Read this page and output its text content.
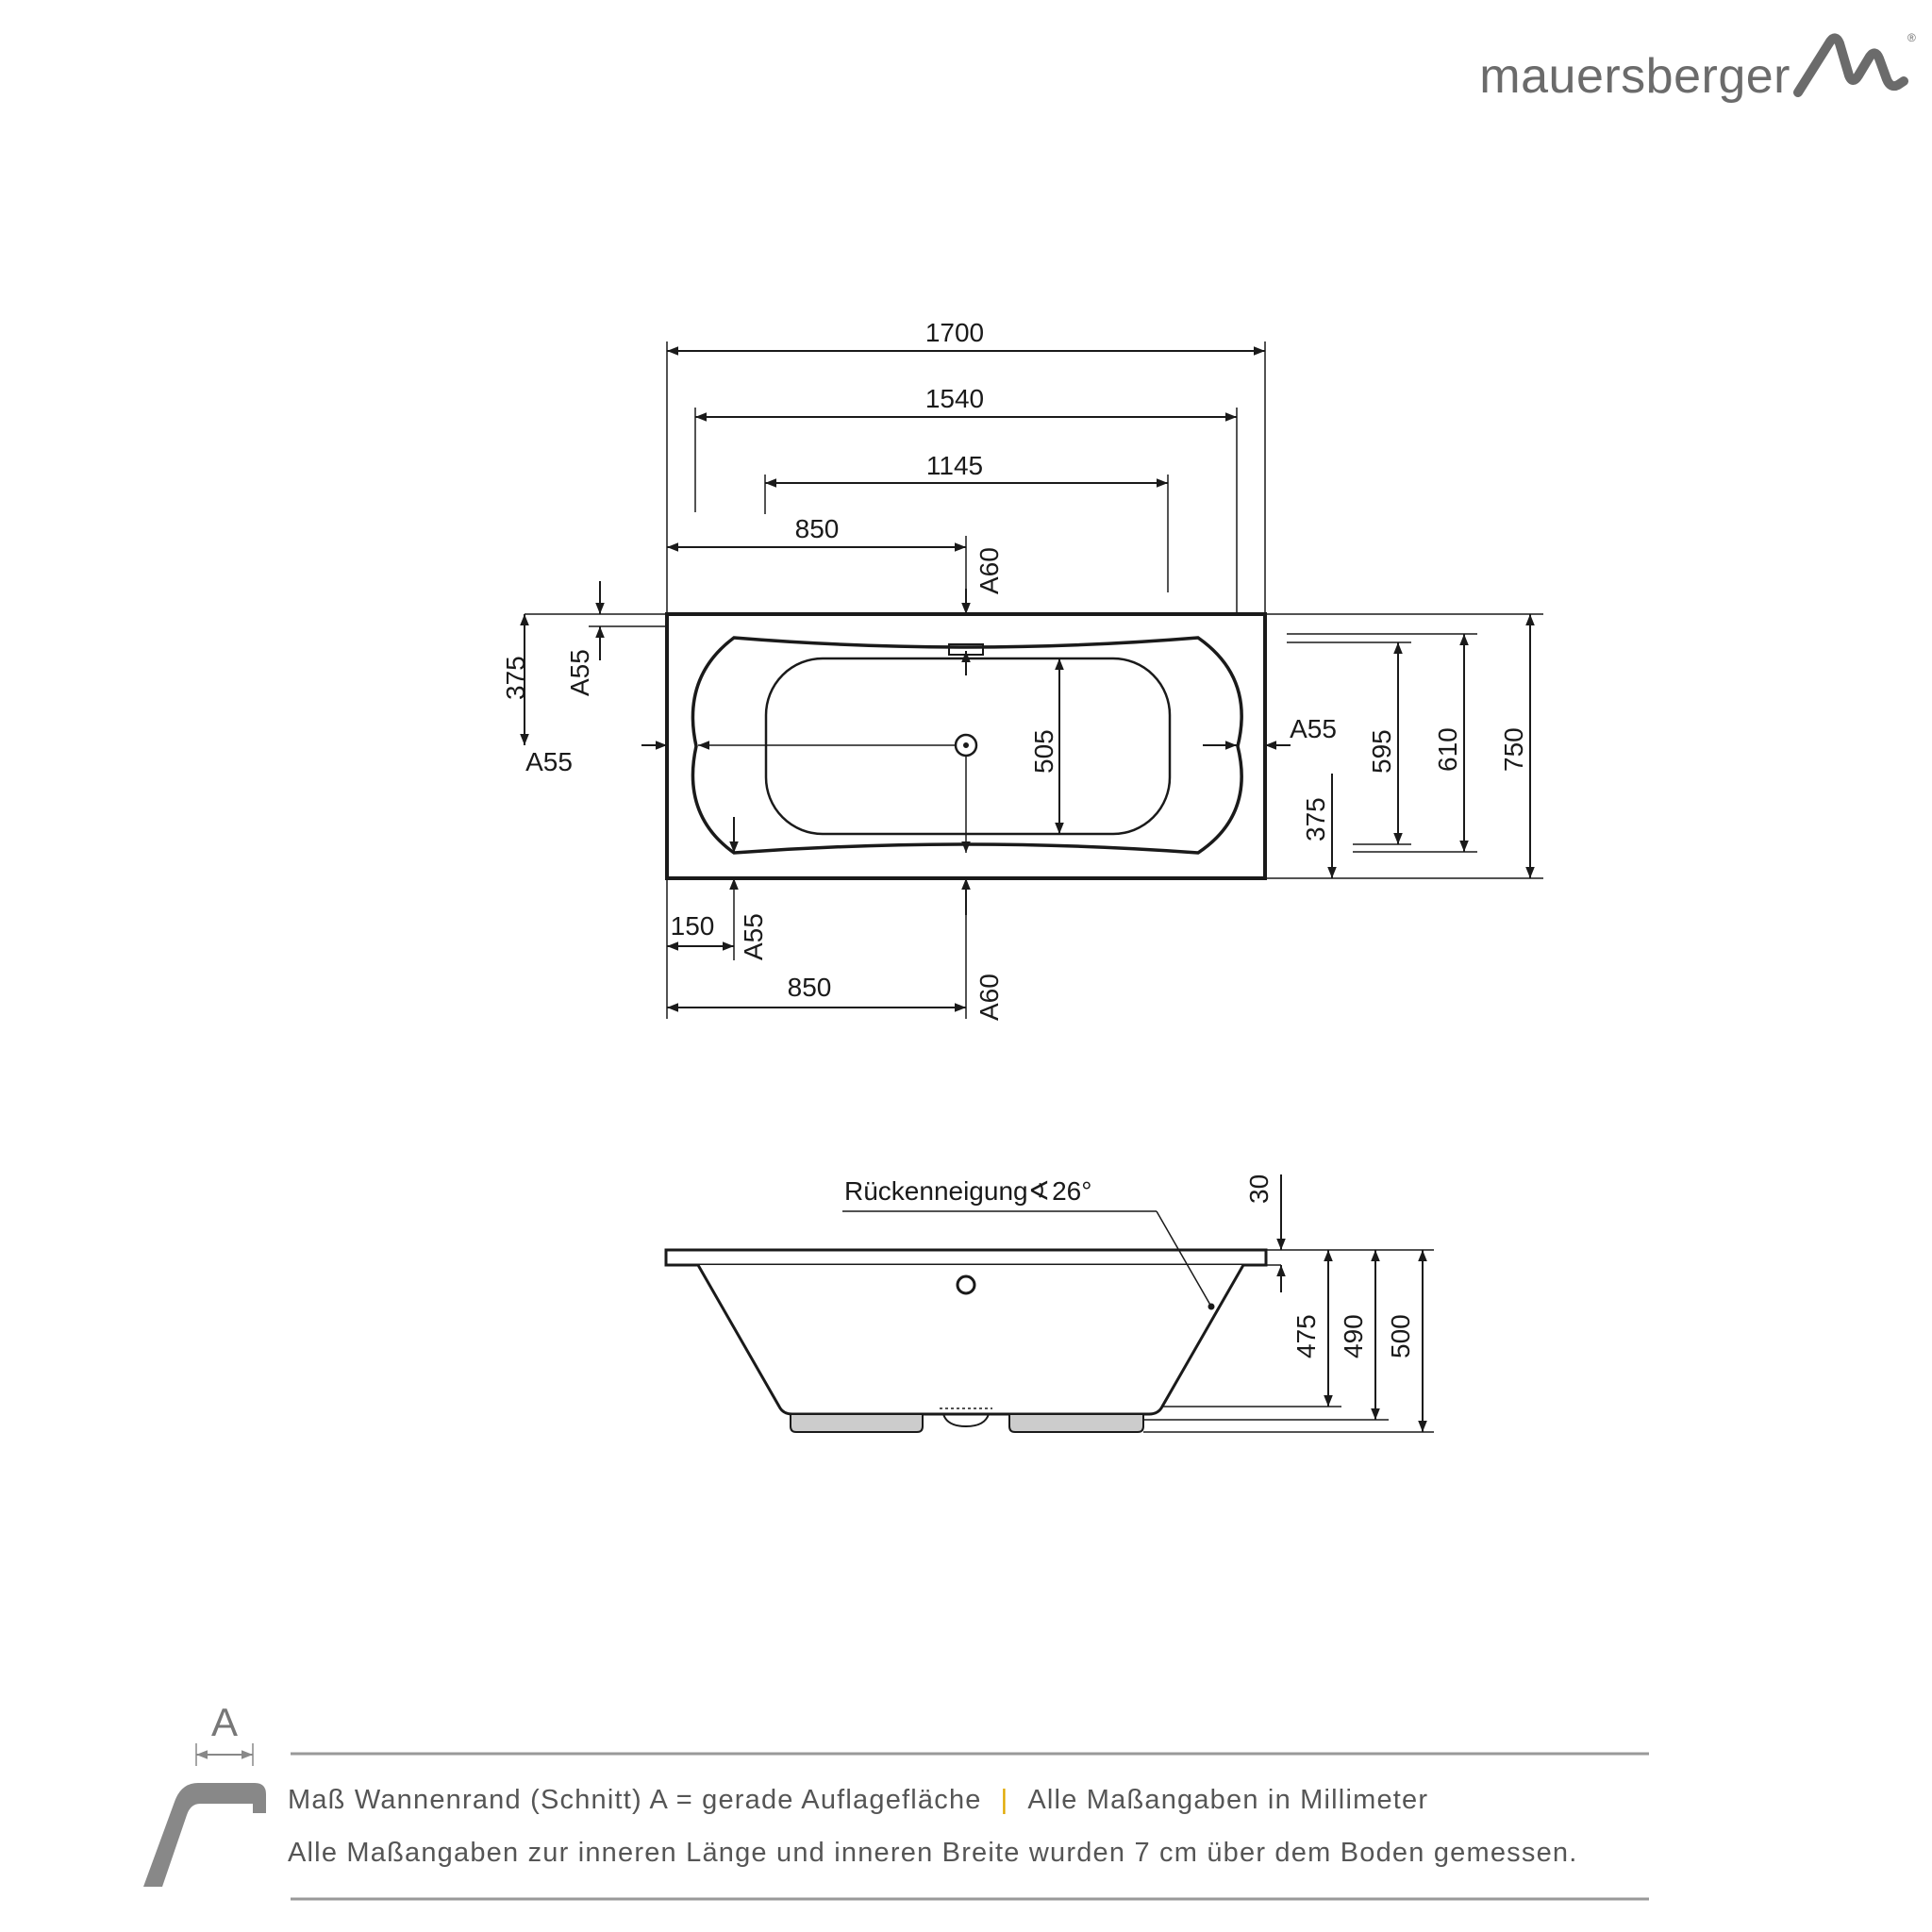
mauersberger
®
1700
1540
1145
850
A60
A55
375
A55
A55
505
375
595 610 750
150 A55
850	A60
Rückenneigung∢26°	30
475 490 500
A
Maß Wannenrand (Schnitt) A = gerade Auflagefläche | Alle Maßangaben in Millimeter
Alle Maßangaben zur inneren Länge und inneren Breite wurden 7 cm über dem Boden gemessen.
